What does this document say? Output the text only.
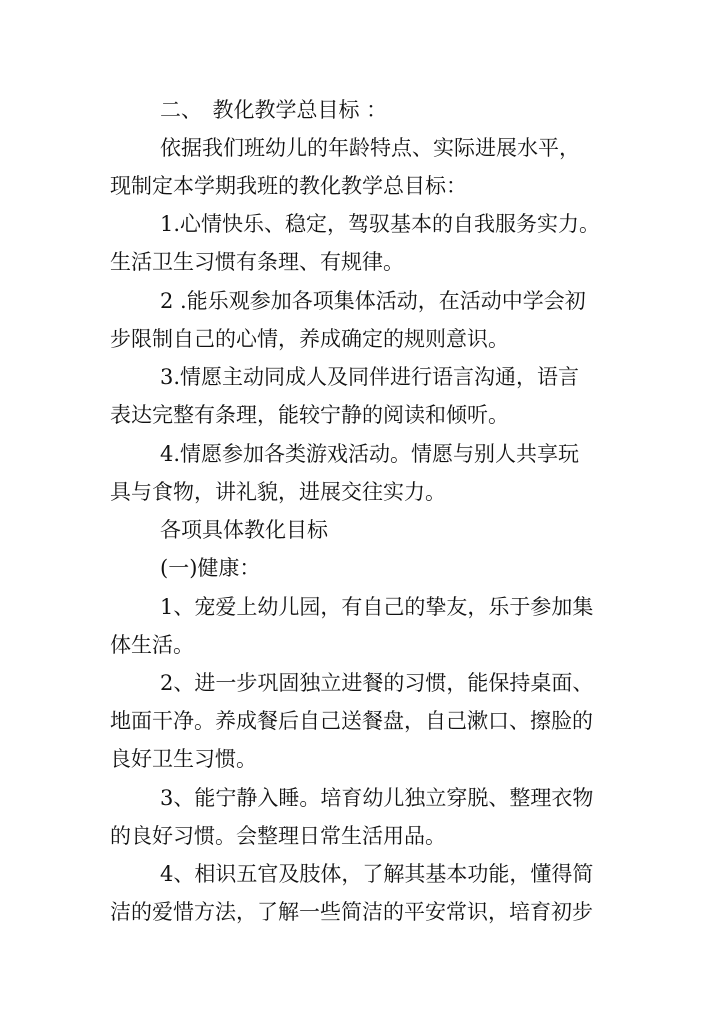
二、　教化教学总目标 ：
依据我们班幼儿的年龄特点、实际进展水平，
现制定本学期我班的教化教学总目标：
1.心情快乐、稳定，驾驭基本的自我服务实力。
生活卫生习惯有条理、有规律。
2 .能乐观参加各项集体活动，在活动中学会初
步限制自己的心情，养成确定的规则意识。
3.情愿主动同成人及同伴进行语言沟通，语言
表达完整有条理，能较宁静的阅读和倾听。
4.情愿参加各类游戏活动。情愿与别人共享玩
具与食物，讲礼貌，进展交往实力。
各项具体教化目标
(一)健康：
1、宠爱上幼儿园，有自己的挚友，乐于参加集
体生活。
2、进一步巩固独立进餐的习惯，能保持桌面、
地面干净。养成餐后自己送餐盘，自己漱口、擦脸的
良好卫生习惯。
3、能宁静入睡。培育幼儿独立穿脱、整理衣物
的良好习惯。会整理日常生活用品。
4、相识五官及肢体，了解其基本功能，懂得简
洁的爱惜方法，了解一些简洁的平安常识，培育初步
